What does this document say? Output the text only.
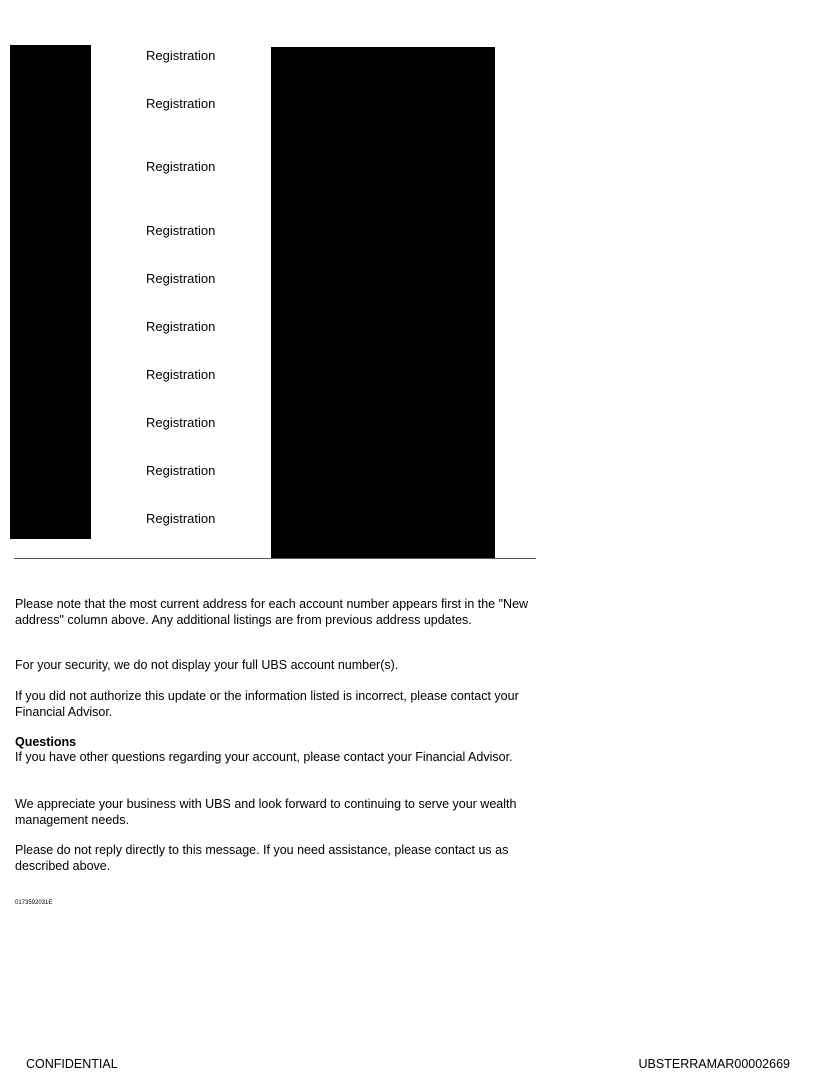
Registration
Registration
Registration
Registration
Registration
Registration
Registration
Registration
Registration
Registration

Please note that the most current address for each account number appears first in the "New address" column above. Any additional listings are from previous address updates.

For your security, we do not display your full UBS account number(s).

If you did not authorize this update or the information listed is incorrect, please contact your Financial Advisor.

Questions

If you have other questions regarding your account, please contact your Financial Advisor.

We appreciate your business with UBS and look forward to continuing to serve your wealth management needs.

Please do not reply directly to this message. If you need assistance, please contact us as described above.

0173592031E
CONFIDENTIAL	UBSTERRAMAR00002669
